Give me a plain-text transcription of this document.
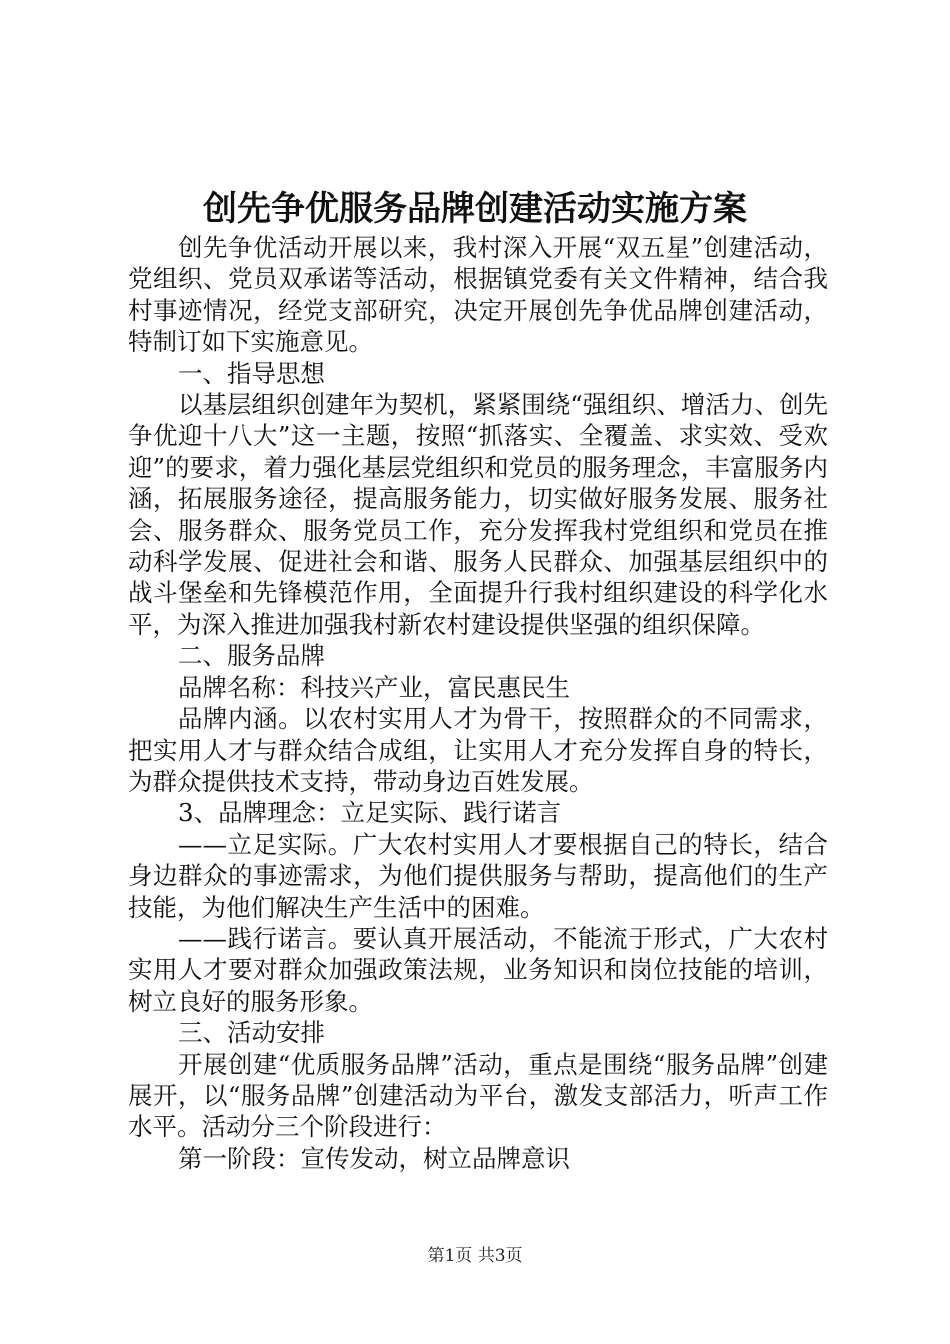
创先争优服务品牌创建活动实施方案

创先争优活动开展以来，我村深入开展“双五星”创建活动，党组织、党员双承诺等活动，根据镇党委有关文件精神，结合我村事迹情况，经党支部研究，决定开展创先争优品牌创建活动，特制订如下实施意见。

一、指导思想

以基层组织创建年为契机，紧紧围绕“强组织、增活力、创先争优迎十八大”这一主题，按照“抓落实、全覆盖、求实效、受欢迎”的要求，着力强化基层党组织和党员的服务理念，丰富服务内涵，拓展服务途径，提高服务能力，切实做好服务发展、服务社会、服务群众、服务党员工作，充分发挥我村党组织和党员在推动科学发展、促进社会和谐、服务人民群众、加强基层组织中的战斗堡垒和先锋模范作用，全面提升行我村组织建设的科学化水平，为深入推进加强我村新农村建设提供坚强的组织保障。

二、服务品牌

品牌名称：科技兴产业，富民惠民生

品牌内涵。以农村实用人才为骨干，按照群众的不同需求，把实用人才与群众结合成组，让实用人才充分发挥自身的特长，为群众提供技术支持，带动身边百姓发展。

3、品牌理念：立足实际、践行诺言

——立足实际。广大农村实用人才要根据自己的特长，结合身边群众的事迹需求，为他们提供服务与帮助，提高他们的生产技能，为他们解决生产生活中的困难。

——践行诺言。要认真开展活动，不能流于形式，广大农村实用人才要对群众加强政策法规，业务知识和岗位技能的培训，树立良好的服务形象。

三、活动安排

开展创建“优质服务品牌”活动，重点是围绕“服务品牌”创建展开，以“服务品牌”创建活动为平台，激发支部活力，听声工作水平。活动分三个阶段进行：

第一阶段：宣传发动，树立品牌意识

第1页 共3页
